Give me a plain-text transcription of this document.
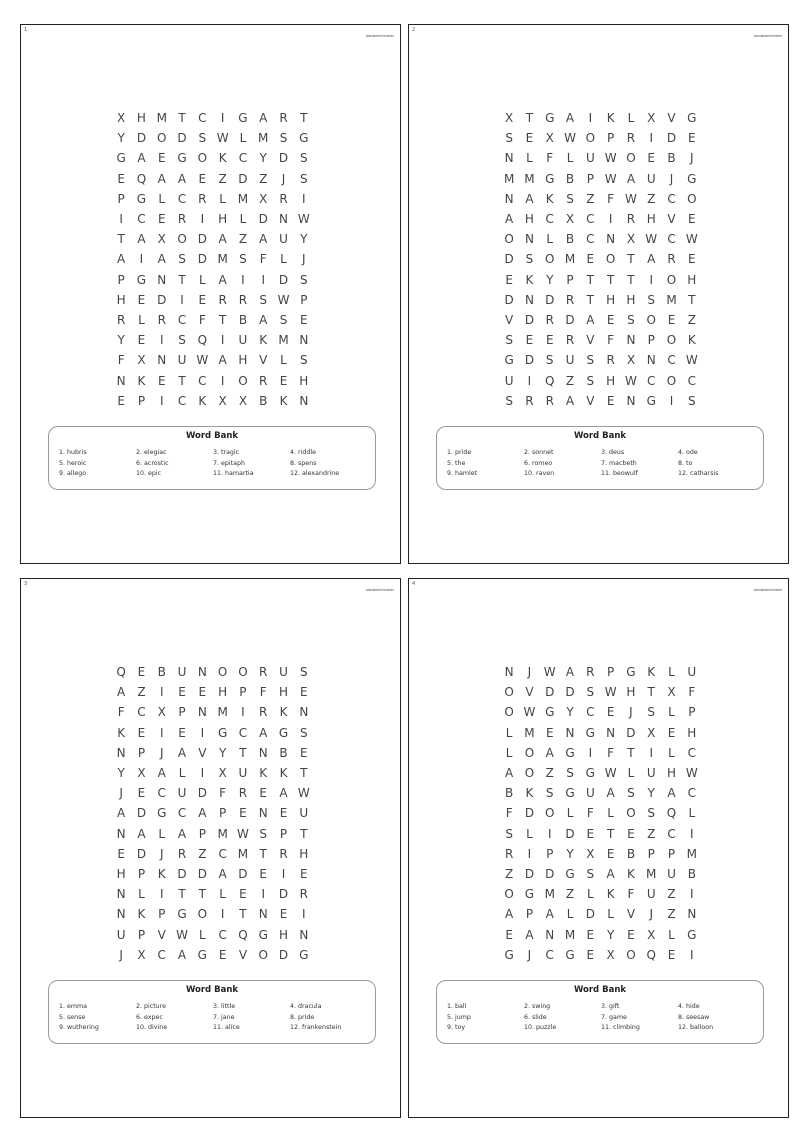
1
wordsearchmaker
X H M T	C	I	G A	R	T
Y	D O D S W L M S G
G A	E G O K	C	Y	D S
E Q A	A	E	Z D Z	J	S
P	G	L	C R	L M X	R	I
I	C	E	R	I	H	L	D N W
T	A	X O D A	Z	A U	Y
A	I	A	S D M S	F	L	J
P	G N	T	L	A	I	I	D S
H E D	I	E	R R	S W P
R	L	R C	F	T	B	A	S	E
Y	E	I	S Q	I	U K M N
F	X N U W A H V	L	S
N K	E	T	C	I	O R	E H
E	P	I	C	K	X	X	B	K N
Word Bank
1. hubris	2. elegiac	3. tragic	4. riddle
5. heroic	6. acrostic	7. epitaph	8. spens
9. allego	10. epic	11. hamartia	12. alexandrine
2
wordsearchmaker
X	T G A	I	K	L	X	V G
S	E	X W O P	R	I	D E
N	L	F	L	U W O E	B	J
M M G B	P W A U	J	G
N A	K	S	Z	F W Z C O
A H C X C	I	R H V	E
O N	L	B C N X W C W
D S O M E O T	A	R	E
E	K	Y	P	T	T	T	I	O H
D N D R	T	H H S M T
V D R D A	E	S O E	Z
S	E	E	R	V	F	N	P O K
G D S	U	S	R	X N C W
U	I	Q Z	S H W C O C
S	R R	A	V	E	N G	I	S
Word Bank
1. pride	2. sonnet	3. deus	4. ode
5. the	6. romeo	7. macbeth	8. to
9. hamlet	10. raven	11. beowulf	12. catharsis
3
wordsearchmaker
Q E	B U N O O R U	S
A	Z	I	E	E H	P	F	H E
F	C X	P	N M	I	R	K N
K	E	I	E	I	G C A G S
N	P	J	A	V	Y	T	N B	E
Y	X	A	L	I	X U K	K	T
J	E	C U D	F	R	E	A W
A D G C A	P	E	N	E	U
N A	L	A	P M W S	P	T
E D	J	R	Z C M T	R H
H	P	K D D A D E	I	E
N	L	I	T	T	L	E	I	D R
N K	P	G O	I	T	N	E	I
U	P	V W L	C Q G H N
J	X C A G E	V O D G
Word Bank
1. emma	2. picture	3. little	4. dracula
5. sense	6. expec	7. jane	8. pride
9. wuthering	10. divine	11. alice	12. frankenstein
4
wordsearchmaker
N	J	W A	R	P	G K	L	U
O V D D S W H	T	X	F
O W G Y	C	E	J	S	L	P
L M E	N G N D X	E H
L	O A G	I	F	T	I	L	C
A O Z	S G W L	U H W
B	K	S G U A	S	Y	A	C
F	D O	L	F	L	O S Q	L
S	L	I	D E	T	E	Z C	I
R	I	P	Y	X	E	B	P	P M
Z D D G S	A	K M U B
O G M Z	L	K	F	U Z	I
A	P	A	L	D	L	V	J	Z N
E	A N M E	Y	E	X	L	G
G	J	C G E	X O Q E	I
Word Bank
1. ball	2. swing	3. gift	4. hide
5. jump	6. slide	7. game	8. seesaw
9. toy	10. puzzle	11. climbing	12. balloon
